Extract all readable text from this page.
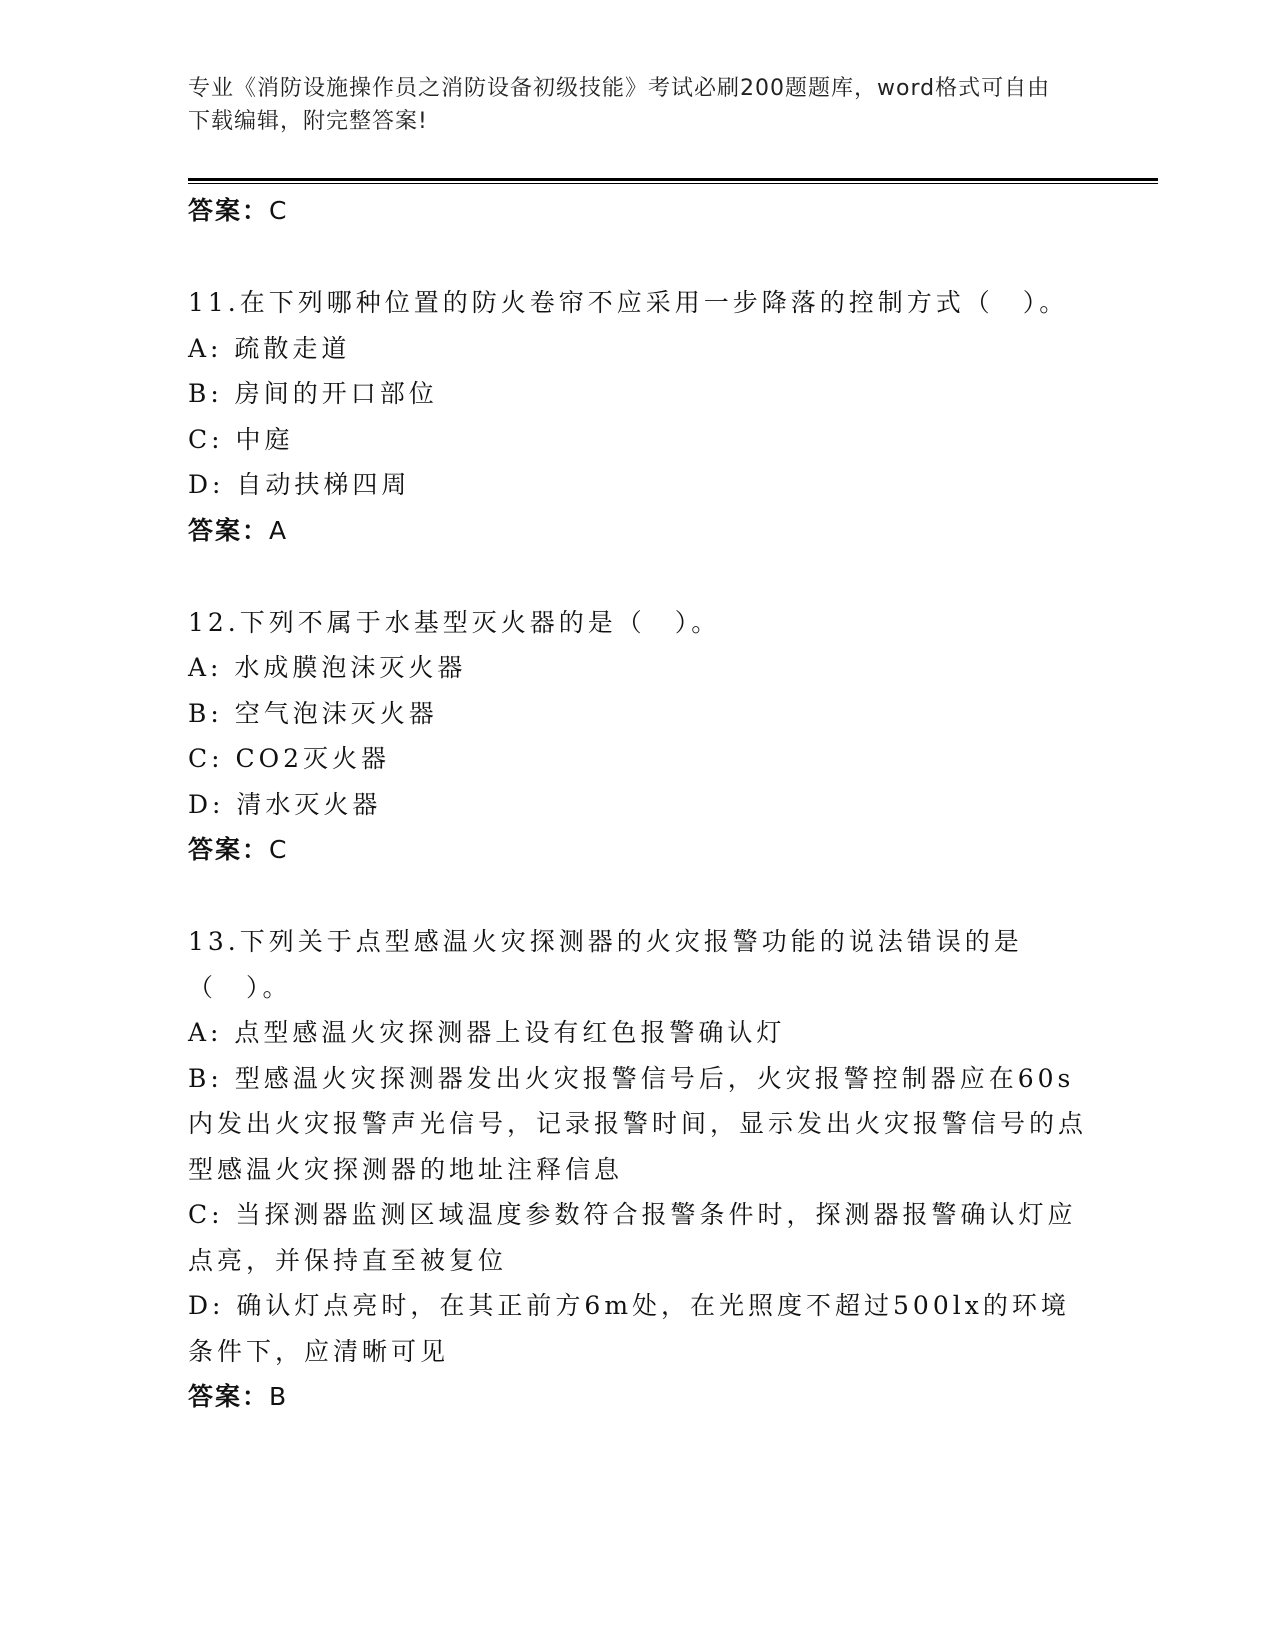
专业《消防设施操作员之消防设备初级技能》考试必刷200题题库，word格式可自由下载编辑，附完整答案!

答案：C

11.在下列哪种位置的防火卷帘不应采用一步降落的控制方式（　）。

A: 疏散走道

B: 房间的开口部位

C: 中庭

D: 自动扶梯四周

答案：A

12.下列不属于水基型灭火器的是（　）。

A: 水成膜泡沫灭火器

B: 空气泡沫灭火器

C: CO2灭火器

D: 清水灭火器

答案：C

13.下列关于点型感温火灾探测器的火灾报警功能的说法错误的是（　）。

A: 点型感温火灾探测器上设有红色报警确认灯

B: 型感温火灾探测器发出火灾报警信号后，火灾报警控制器应在60s内发出火灾报警声光信号，记录报警时间，显示发出火灾报警信号的点型感温火灾探测器的地址注释信息

C: 当探测器监测区域温度参数符合报警条件时，探测器报警确认灯应点亮，并保持直至被复位

D: 确认灯点亮时，在其正前方6m处，在光照度不超过500lx的环境条件下，应清晰可见

答案：B
